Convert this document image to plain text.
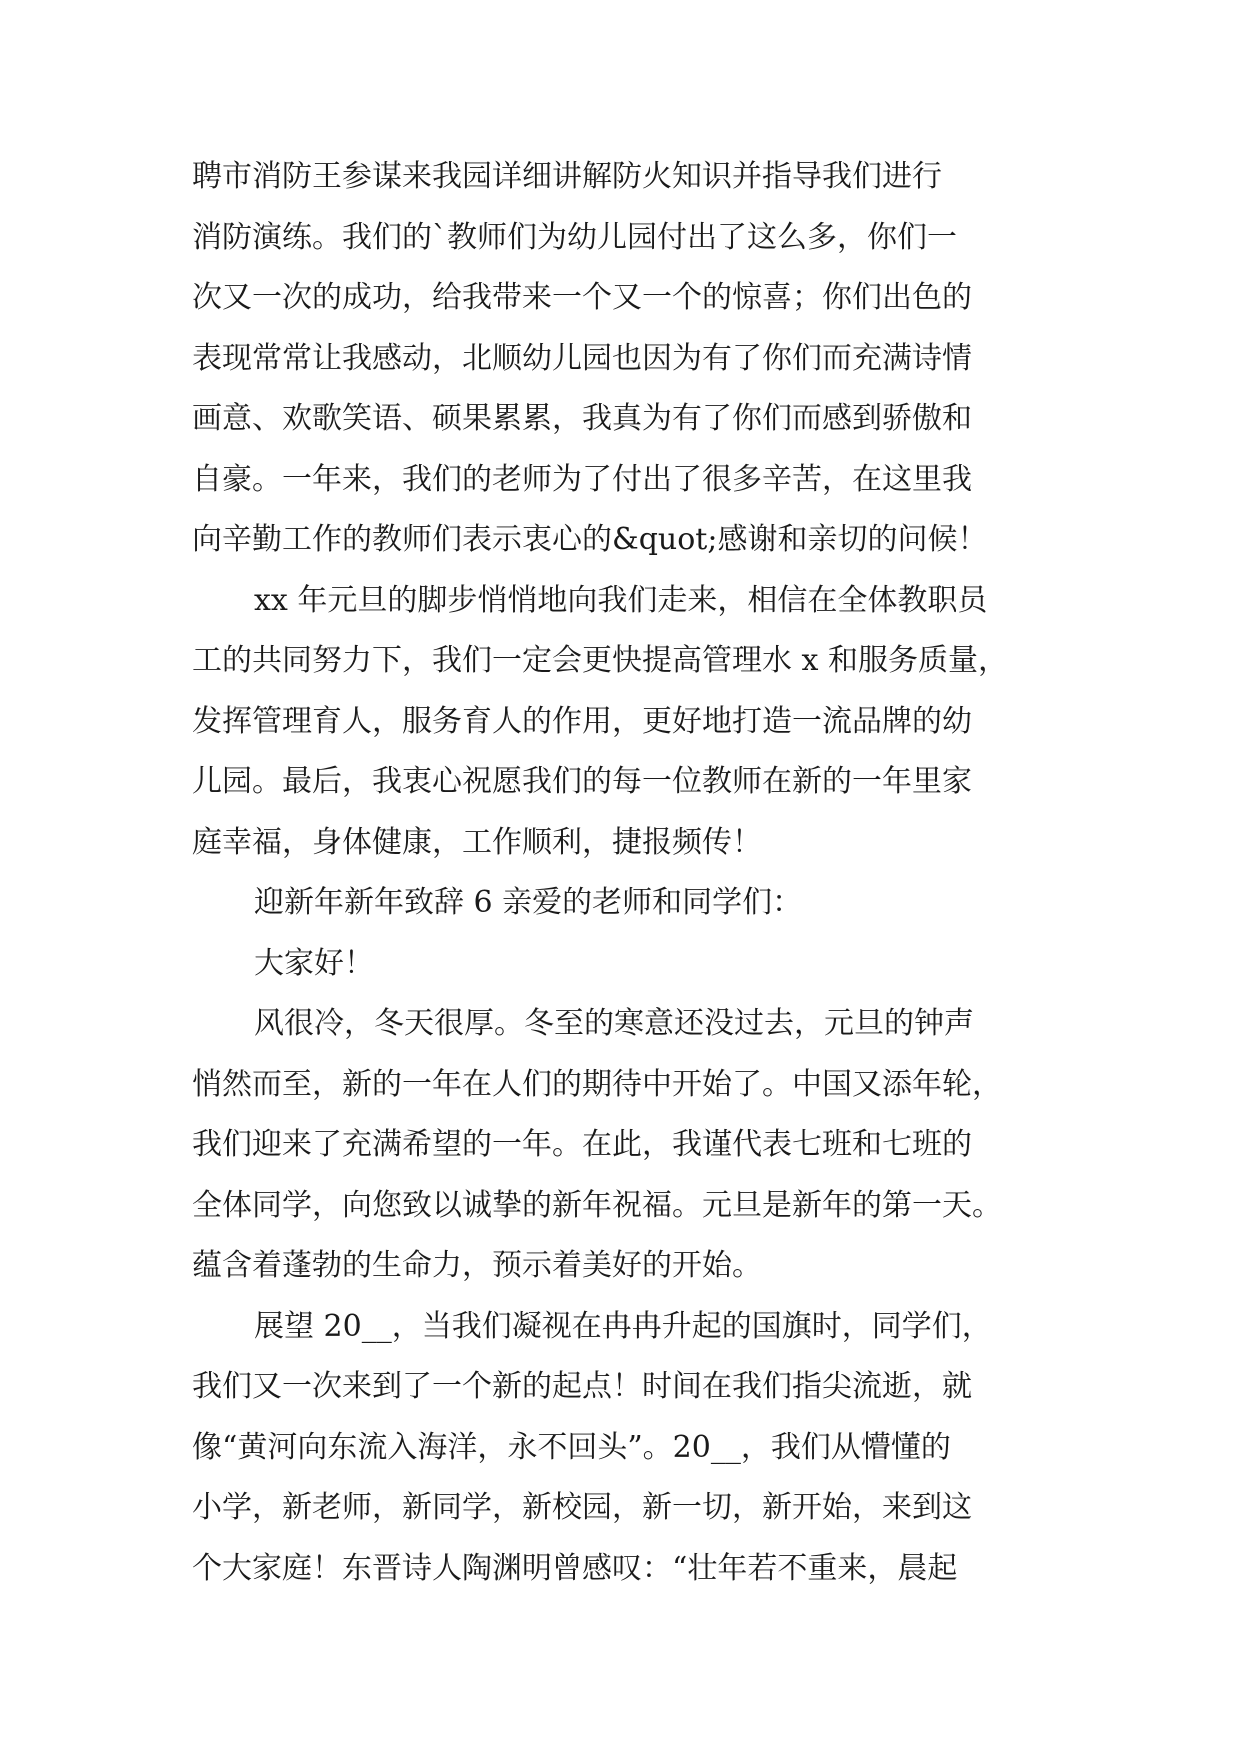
聘市消防王参谋来我园详细讲解防火知识并指导我们进行
消防演练。我们的`教师们为幼儿园付出了这么多，你们一
次又一次的成功，给我带来一个又一个的惊喜；你们出色的
表现常常让我感动，北顺幼儿园也因为有了你们而充满诗情
画意、欢歌笑语、硕果累累，我真为有了你们而感到骄傲和
自豪。一年来，我们的老师为了付出了很多辛苦，在这里我
向辛勤工作的教师们表示衷心的&quot;感谢和亲切的问候！
xx 年元旦的脚步悄悄地向我们走来，相信在全体教职员
工的共同努力下，我们一定会更快提高管理水 x 和服务质量，
发挥管理育人，服务育人的作用，更好地打造一流品牌的幼
儿园。最后，我衷心祝愿我们的每一位教师在新的一年里家
庭幸福，身体健康，工作顺利，捷报频传！
迎新年新年致辞 6 亲爱的老师和同学们：
大家好！
风很冷，冬天很厚。冬至的寒意还没过去，元旦的钟声
悄然而至，新的一年在人们的期待中开始了。中国又添年轮，
我们迎来了充满希望的一年。在此，我谨代表七班和七班的
全体同学，向您致以诚挚的新年祝福。元旦是新年的第一天。
蕴含着蓬勃的生命力，预示着美好的开始。
展望 20__，当我们凝视在冉冉升起的国旗时，同学们，
我们又一次来到了一个新的起点！时间在我们指尖流逝，就
像“黄河向东流入海洋，永不回头”。20__，我们从懵懂的
小学，新老师，新同学，新校园，新一切，新开始，来到这
个大家庭！东晋诗人陶渊明曾感叹：“壮年若不重来，晨起
